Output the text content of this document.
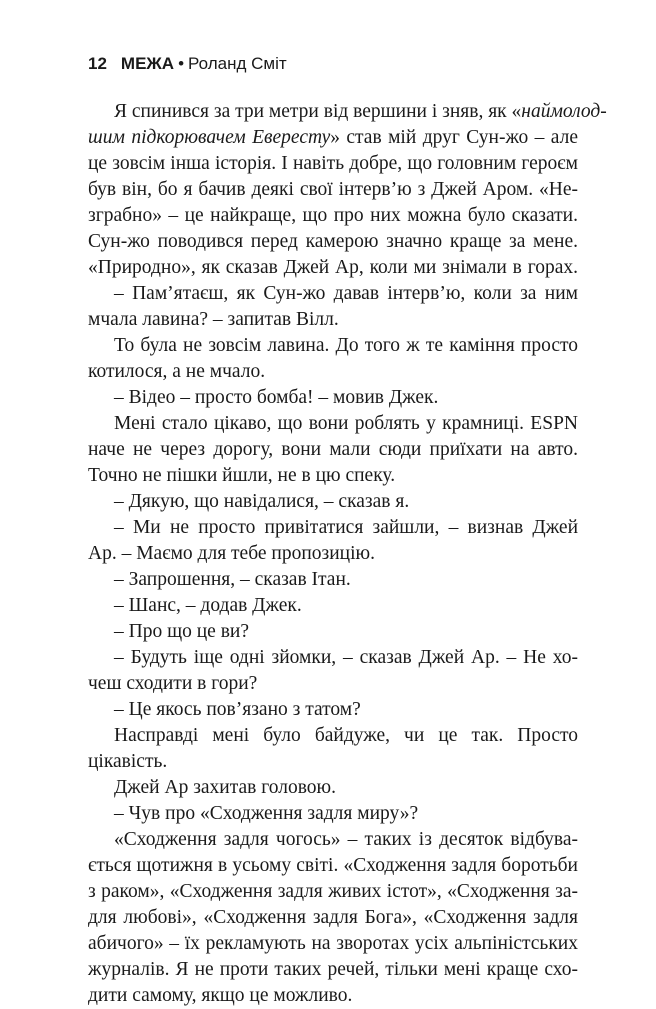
12 МЕЖА • Роланд Сміт
Я спинився за три метри від вершини і зняв, як «наймолод-
шим підкорювачем Евересту» став мій друг Сун-жо – але
це зовсім інша історія. І навіть добре, що головним героєм
був він, бо я бачив деякі свої інтерв’ю з Джей Аром. «Не-
зграбно» – це найкраще, що про них можна було сказати.
Сун-жо поводився перед камерою значно краще за мене.
«Природно», як сказав Джей Ар, коли ми знімали в горах.
– Пам’ятаєш, як Сун-жо давав інтерв’ю, коли за ним
мчала лавина? – запитав Вілл.
То була не зовсім лавина. До того ж те каміння просто
котилося, а не мчало.
– Відео – просто бомба! – мовив Джек.
Мені стало цікаво, що вони роблять у крамниці. ESPN
наче не через дорогу, вони мали сюди приїхати на авто.
Точно не пішки йшли, не в цю спеку.
– Дякую, що навідалися, – сказав я.
– Ми не просто привітатися зайшли, – визнав Джей
Ар. – Маємо для тебе пропозицію.
– Запрошення, – сказав Ітан.
– Шанс, – додав Джек.
– Про що це ви?
– Будуть іще одні зйомки, – сказав Джей Ар. – Не хо-
чеш сходити в гори?
– Це якось пов’язано з татом?
Насправді мені було байдуже, чи це так. Просто
цікавість.
Джей Ар захитав головою.
– Чув про «Сходження задля миру»?
«Сходження задля чогось» – таких із десяток відбува-
ється щотижня в усьому світі. «Сходження задля боротьби
з раком», «Сходження задля живих істот», «Сходження за-
для любові», «Сходження задля Бога», «Сходження задля
абичого» – їх рекламують на зворотах усіх альпіністських
журналів. Я не проти таких речей, тільки мені краще схо-
дити самому, якщо це можливо.
